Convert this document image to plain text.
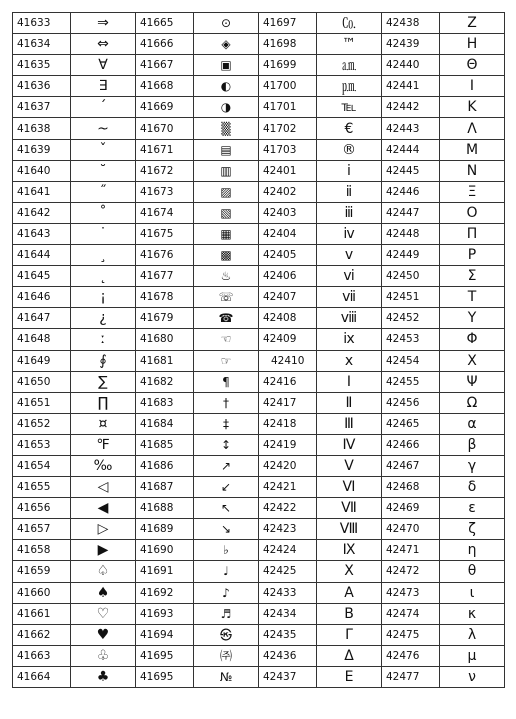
41633	⇒	41665	⊙	41697	㏇	42438	Ζ
41634	⇔	41666	◈	41698	™	42439	Η
41635	∀	41667	▣	41699	㏂	42440	Θ
41636	∃	41668	◐	41700	㏘	42441	Ι
41637	´	41669	◑	41701	℡	42442	Κ
41638	~	41670	▒	41702	€	42443	Λ
41639	ˇ	41671	▤	41703	®	42444	Μ
41640	˘	41672	▥	42401	ⅰ	42445	Ν
41641	˝	41673	▨	42402	ⅱ	42446	Ξ
41642	˚	41674	▧	42403	ⅲ	42447	Ο
41643	˙	41675	▦	42404	ⅳ	42448	Π
41644	¸	41676	▩	42405	ⅴ	42449	Ρ
41645	˛	41677	♨	42406	ⅵ	42450	Σ
41646	¡	41678	☏	42407	ⅶ	42451	Τ
41647	¿	41679	☎	42408	ⅷ	42452	Υ
41648	ː	41680	☜	42409	ⅸ	42453	Φ
41649	∮	41681	☞	42410	ⅹ	42454	Χ
41650	∑	41682	¶	42416	Ⅰ	42455	Ψ
41651	∏	41683	†	42417	Ⅱ	42456	Ω
41652	¤	41684	‡	42418	Ⅲ	42465	α
41653	℉	41685	↕	42419	Ⅳ	42466	β
41654	‰	41686	↗	42420	Ⅴ	42467	γ
41655	◁	41687	↙	42421	Ⅵ	42468	δ
41656	◀	41688	↖	42422	Ⅶ	42469	ε
41657	▷	41689	↘	42423	Ⅷ	42470	ζ
41658	▶	41690	♭	42424	Ⅸ	42471	η
41659	♤	41691	♩	42425	Ⅹ	42472	θ
41660	♠	41692	♪	42433	Α	42473	ι
41661	♡	41693	♬	42434	Β	42474	κ
41662	♥	41694	㉿	42435	Γ	42475	λ
41663	♧	41695	㈜	42436	Δ	42476	μ
41664	♣	41695	№	42437	Ε	42477	ν
